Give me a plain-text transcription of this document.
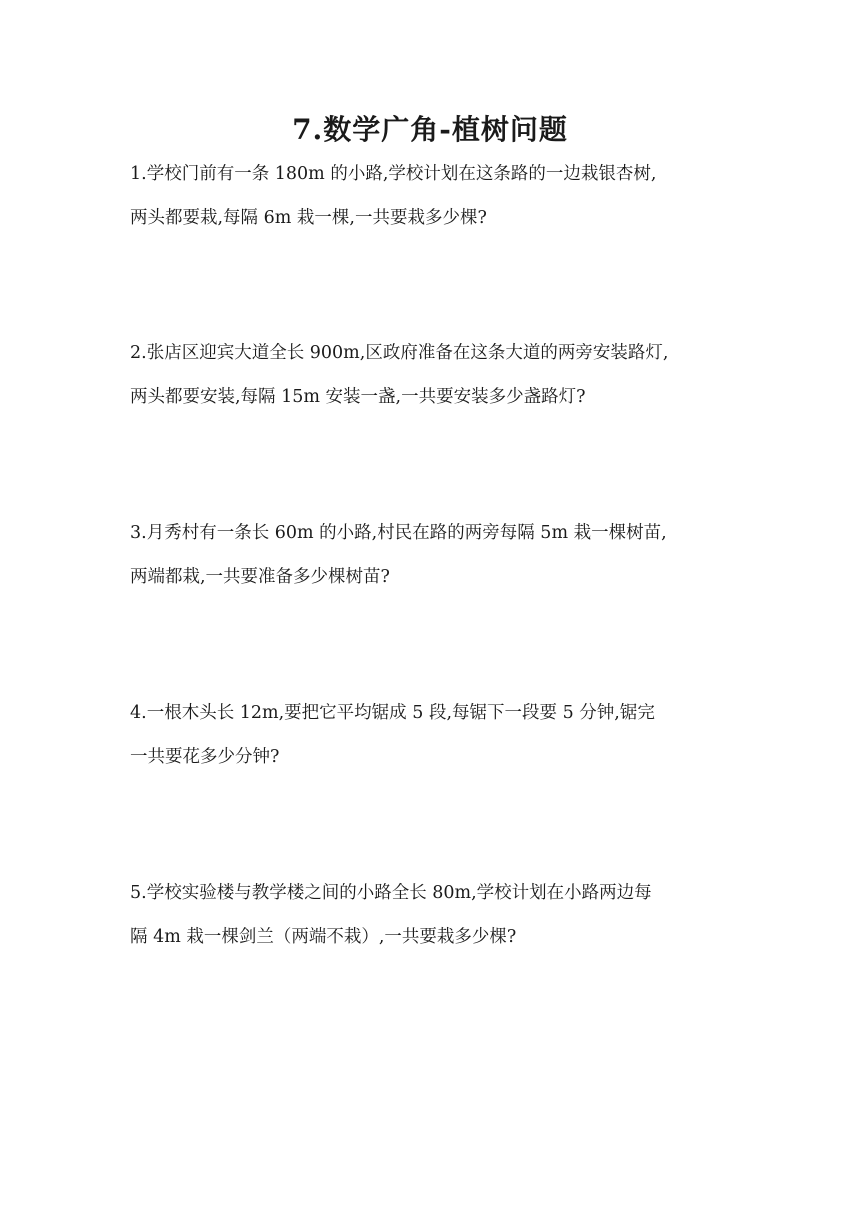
7.数学广角-植树问题
1.学校门前有一条 180m 的小路,学校计划在这条路的一边栽银杏树,
两头都要栽,每隔 6m 栽一棵,一共要栽多少棵?
2.张店区迎宾大道全长 900m,区政府准备在这条大道的两旁安装路灯,
两头都要安装,每隔 15m 安装一盏,一共要安装多少盏路灯?
3.月秀村有一条长 60m 的小路,村民在路的两旁每隔 5m 栽一棵树苗,
两端都栽,一共要准备多少棵树苗?
4.一根木头长 12m,要把它平均锯成 5 段,每锯下一段要 5 分钟,锯完
一共要花多少分钟?
5.学校实验楼与教学楼之间的小路全长 80m,学校计划在小路两边每
隔 4m 栽一棵剑兰（两端不栽）,一共要栽多少棵?
